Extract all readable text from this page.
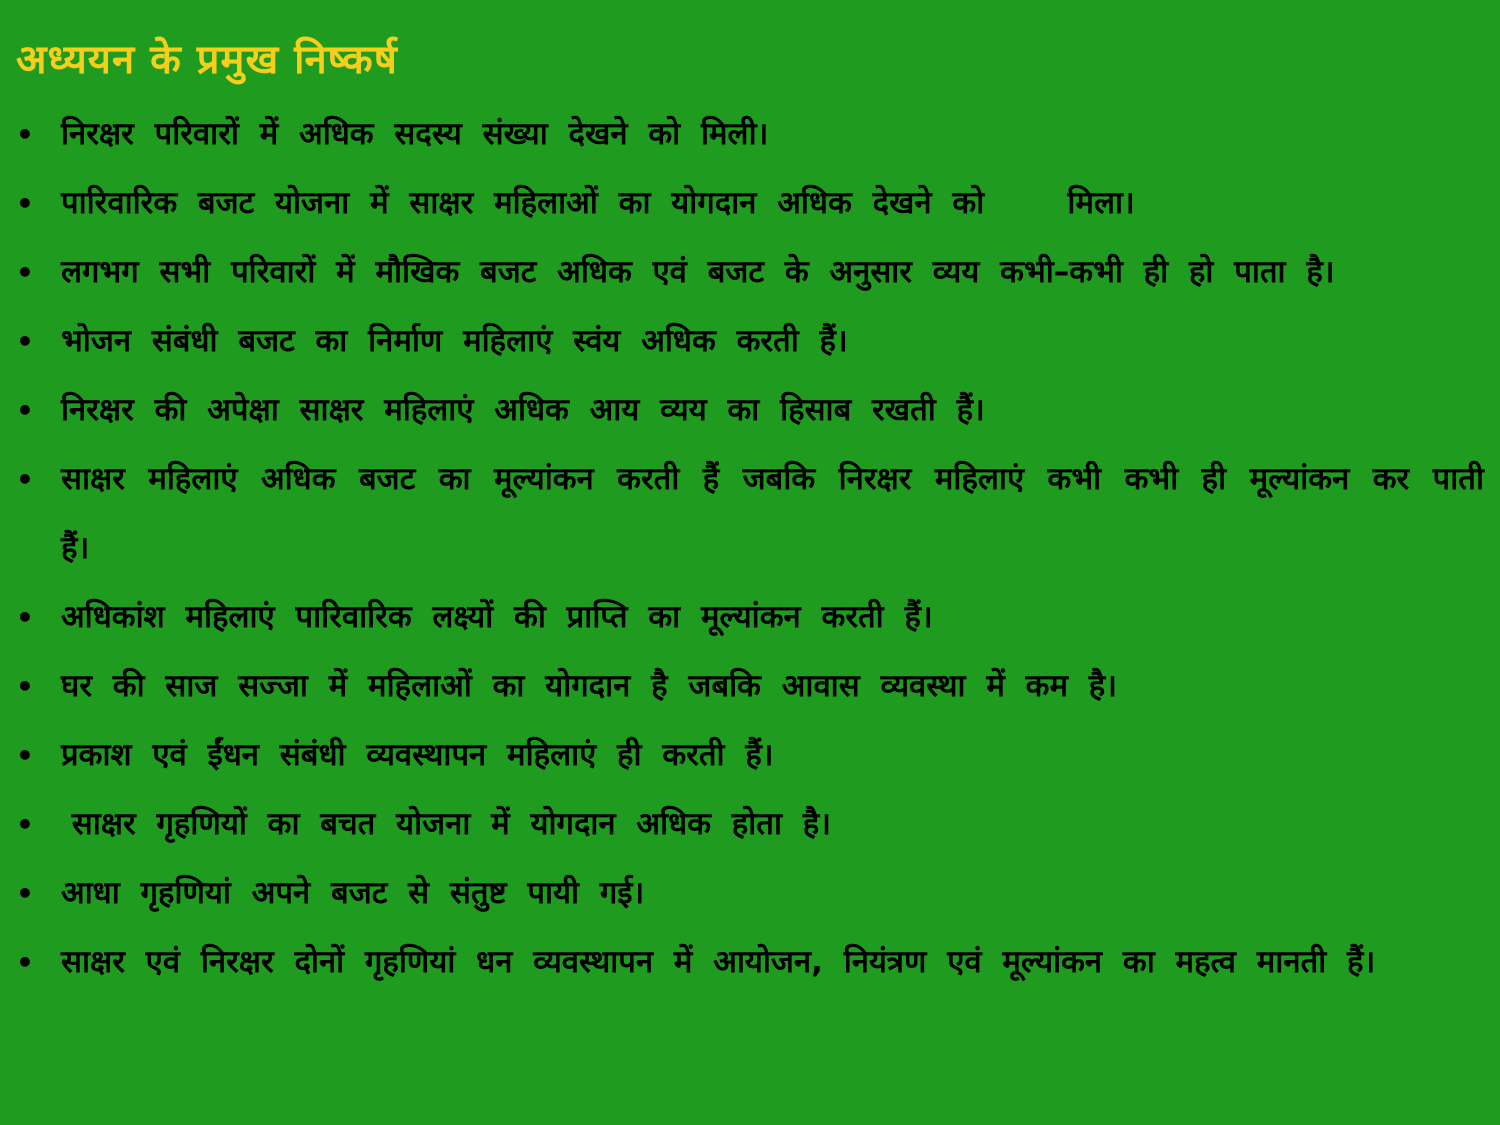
अध्ययन के प्रमुख निष्कर्ष
• निरक्षर परिवारों में अधिक सदस्य संख्या देखने को मिली।
• पारिवारिक बजट योजना में साक्षर महिलाओं का योगदान अधिक देखने को    मिला।
• लगभग सभी परिवारों में मौखिक बजट अधिक एवं बजट के अनुसार व्यय कभी–कभी ही हो पाता है।
• भोजन संबंधी बजट का निर्माण महिलाएं स्वंय अधिक करती हैं।
• निरक्षर की अपेक्षा साक्षर महिलाएं अधिक आय व्यय का हिसाब रखती हैं।
• साक्षर महिलाएं अधिक बजट का मूल्यांकन करती हैं जबकि निरक्षर महिलाएं कभी कभी ही मूल्यांकन कर पाती हैं।
• अधिकांश महिलाएं पारिवारिक लक्ष्यों की प्राप्ति का मूल्यांकन करती हैं।
• घर की साज सज्जा में महिलाओं का योगदान है जबकि आवास व्यवस्था में कम है।
• प्रकाश एवं ईंधन संबंधी व्यवस्थापन महिलाएं ही करती हैं।
• साक्षर गृहणियों का बचत योजना में योगदान अधिक होता है।
• आधा गृहणियां अपने बजट से संतुष्ट पायी गई।
• साक्षर एवं निरक्षर दोनों गृहणियां धन व्यवस्थापन में आयोजन, नियंत्रण एवं मूल्यांकन का महत्व मानती हैं।
